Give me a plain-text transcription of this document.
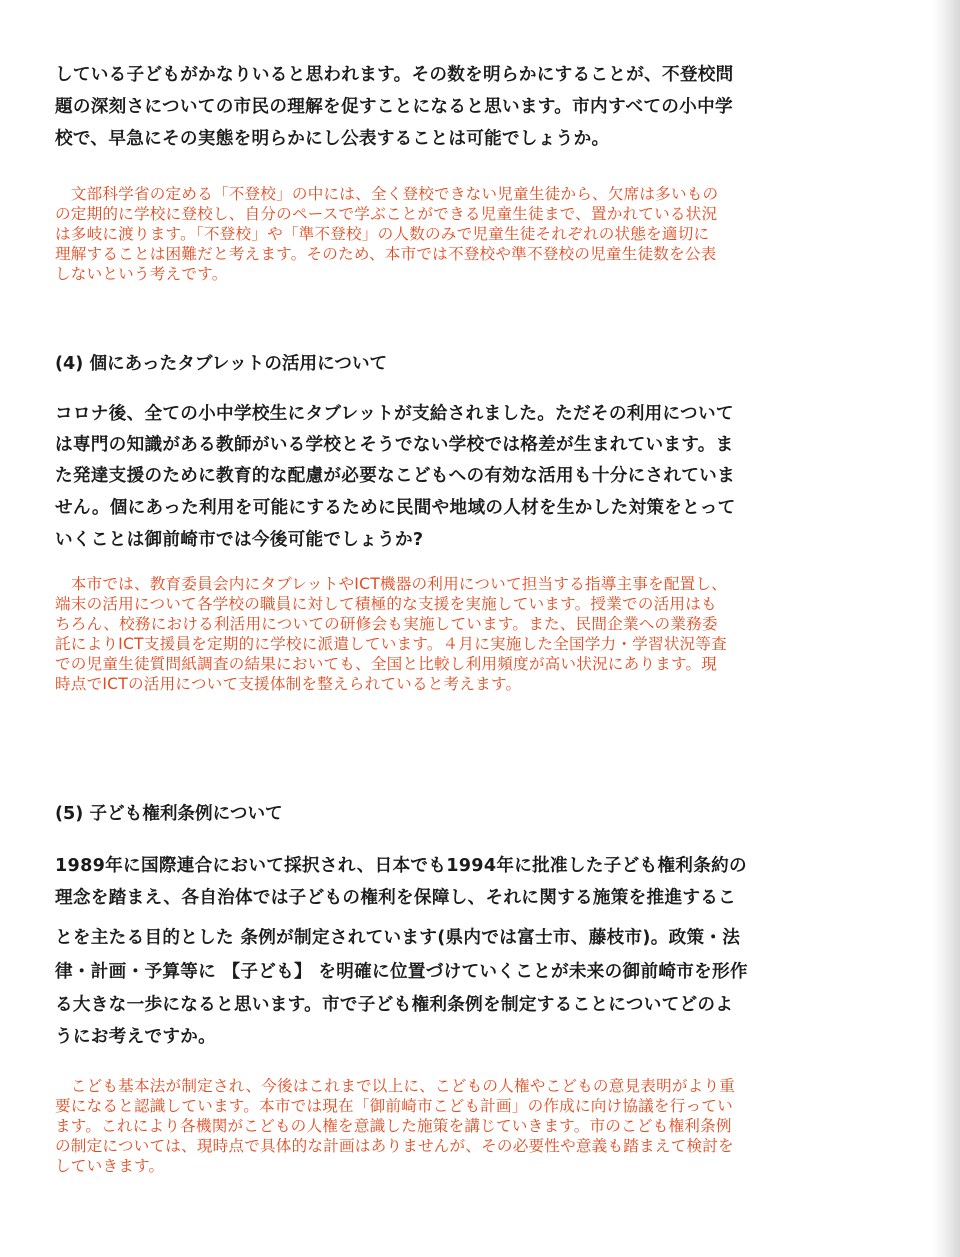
している子どもがかなりいると思われます。その数を明らかにすることが、不登校問
題の深刻さについての市民の理解を促すことになると思います。市内すべての小中学
校で、早急にその実態を明らかにし公表することは可能でしょうか。
　文部科学省の定める「不登校」の中には、全く登校できない児童生徒から、欠席は多いもの
の定期的に学校に登校し、自分のペースで学ぶことができる児童生徒まで、置かれている状況
は多岐に渡ります。「不登校」や「準不登校」の人数のみで児童生徒それぞれの状態を適切に
理解することは困難だと考えます。そのため、本市では不登校や準不登校の児童生徒数を公表
しないという考えです。
(4) 個にあったタブレットの活用について
コロナ後、全ての小中学校生にタブレットが支給されました。ただその利用について
は専門の知識がある教師がいる学校とそうでない学校では格差が生まれています。ま
た発達支援のために教育的な配慮が必要なこどもへの有効な活用も十分にされていま
せん。個にあった利用を可能にするために民間や地域の人材を生かした対策をとって
いくことは御前崎市では今後可能でしょうか?
　本市では、教育委員会内にタブレットやICT機器の利用について担当する指導主事を配置し、
端末の活用について各学校の職員に対して積極的な支援を実施しています。授業での活用はも
ちろん、校務における利活用についての研修会も実施しています。また、民間企業への業務委
託によりICT支援員を定期的に学校に派遣しています。４月に実施した全国学力・学習状況等査
での児童生徒質問紙調査の結果においても、全国と比較し利用頻度が高い状況にあります。現
時点でICTの活用について支援体制を整えられていると考えます。
(5) 子ども権利条例について
1989年に国際連合において採択され、日本でも1994年に批准した子ども権利条約の
理念を踏まえ、各自治体では子どもの権利を保障し、それに関する施策を推進するこ
とを主たる目的とした 条例が制定されています(県内では富士市、藤枝市)。政策・法
律・計画・予算等に 【子ども】 を明確に位置づけていくことが未来の御前崎市を形作
る大きな一歩になると思います。市で子ども権利条例を制定することについてどのよ
うにお考えですか。
　こども基本法が制定され、今後はこれまで以上に、こどもの人権やこどもの意見表明がより重
要になると認識しています。本市では現在「御前崎市こども計画」の作成に向け協議を行ってい
ます。これにより各機関がこどもの人権を意識した施策を講じていきます。市のこども権利条例
の制定については、現時点で具体的な計画はありませんが、その必要性や意義も踏まえて検討を
していきます。
